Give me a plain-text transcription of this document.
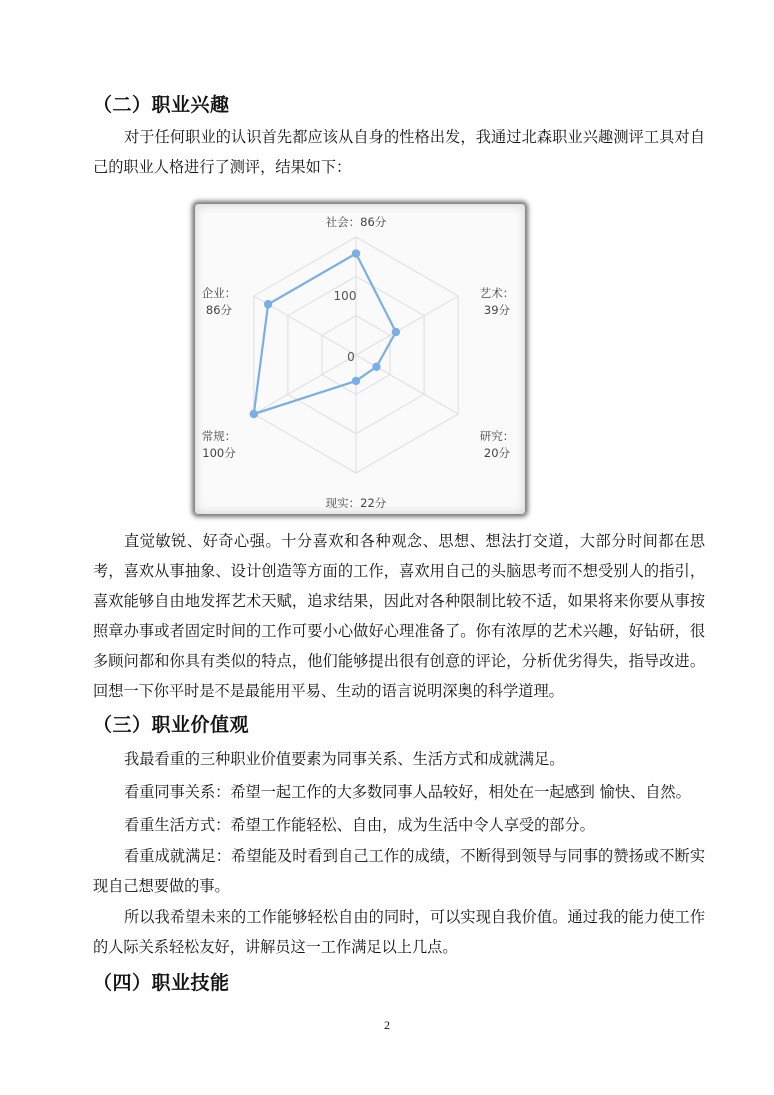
（二）职业兴趣

对于任何职业的认识首先都应该从自身的性格出发，我通过北森职业兴趣测评工具对自己的职业人格进行了测评，结果如下：

社会：86分
艺术： 39分
研究： 20分
现实：22分
常规： 100分
企业： 86分
100
0

直觉敏锐、好奇心强。十分喜欢和各种观念、思想、想法打交道，大部分时间都在思考，喜欢从事抽象、设计创造等方面的工作，喜欢用自己的头脑思考而不想受别人的指引，喜欢能够自由地发挥艺术天赋，追求结果，因此对各种限制比较不适，如果将来你要从事按照章办事或者固定时间的工作可要小心做好心理准备了。你有浓厚的艺术兴趣，好钻研，很多顾问都和你具有类似的特点，他们能够提出很有创意的评论，分析优劣得失，指导改进。回想一下你平时是不是最能用平易、生动的语言说明深奥的科学道理。

（三）职业价值观

我最看重的三种职业价值要素为同事关系、生活方式和成就满足。

看重同事关系：希望一起工作的大多数同事人品较好，相处在一起感到 愉快、自然。

看重生活方式：希望工作能轻松、自由，成为生活中令人享受的部分。

看重成就满足：希望能及时看到自己工作的成绩，不断得到领导与同事的赞扬或不断实现自己想要做的事。

所以我希望未来的工作能够轻松自由的同时，可以实现自我价值。通过我的能力使工作的人际关系轻松友好，讲解员这一工作满足以上几点。

（四）职业技能
2
